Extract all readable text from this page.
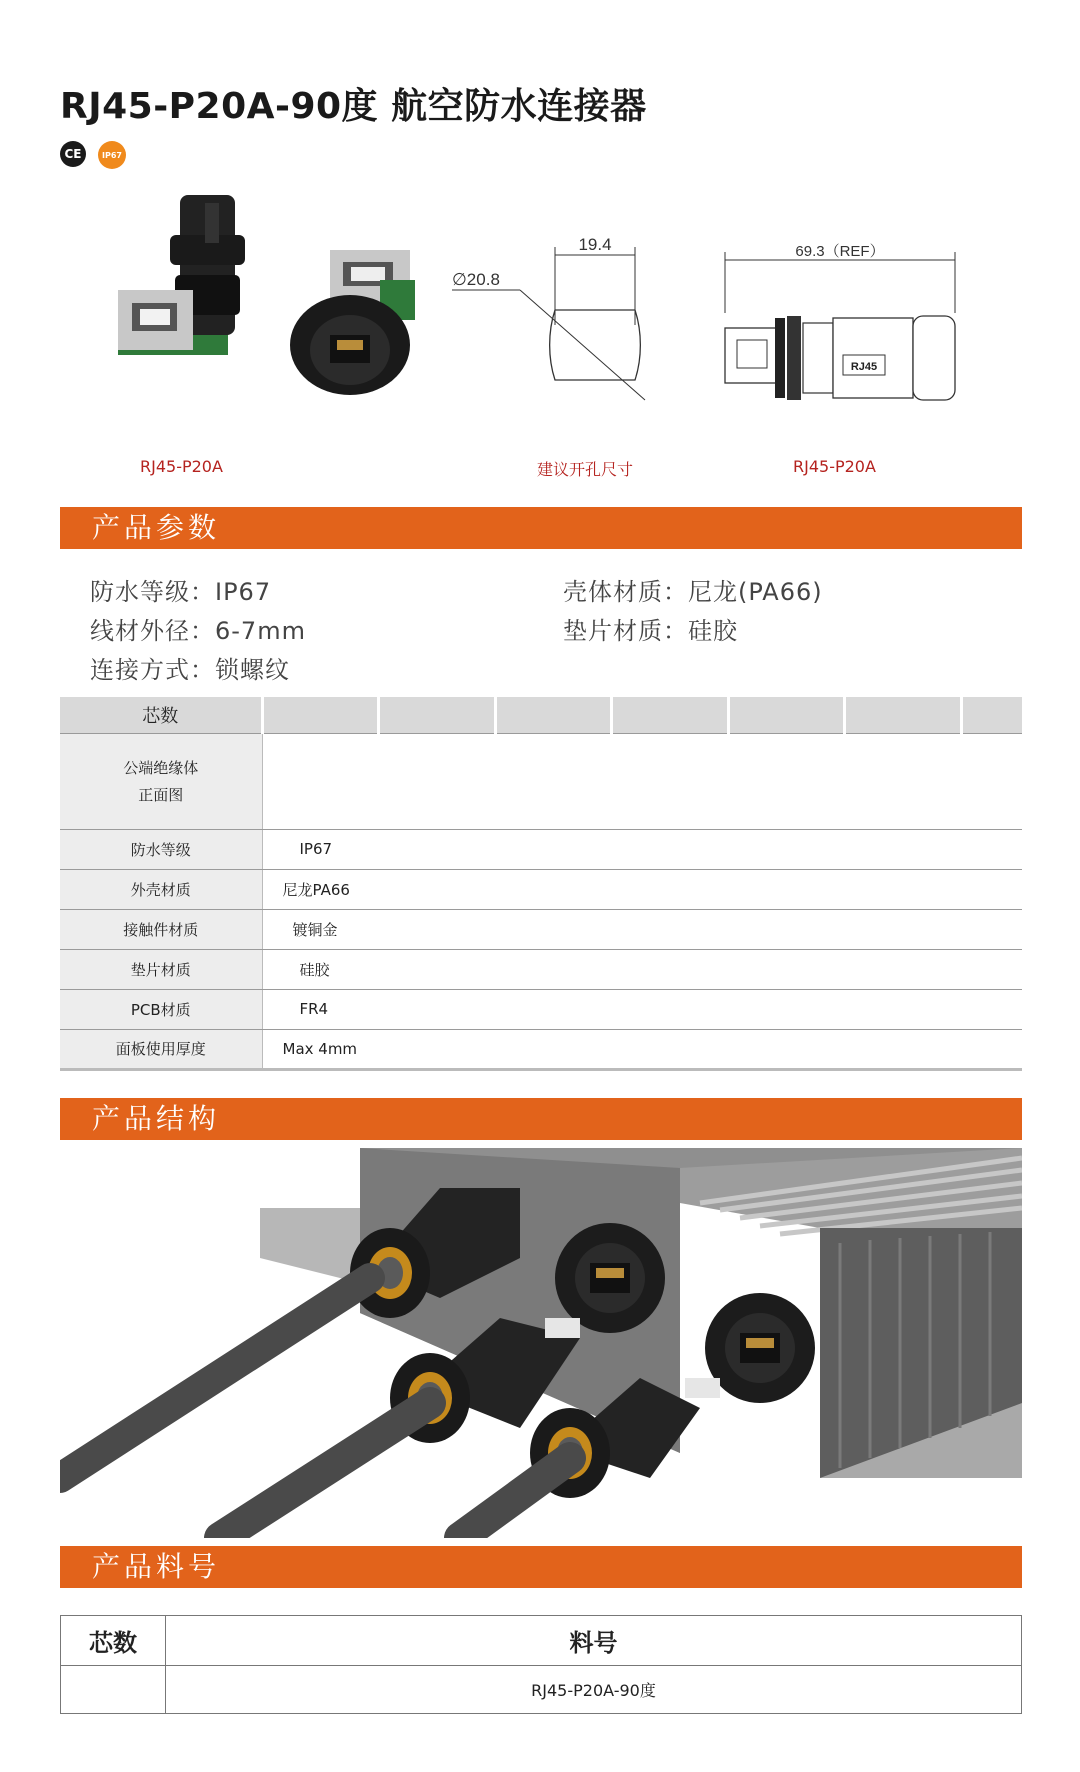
RJ45-P20A-90度 航空防水连接器
CE	IP67
19.4
∅20.8
69.3（REF）
RJ45
RJ45-P20A	建议开孔尺寸	RJ45-P20A
产品参数
防水等级：IP67	壳体材质：尼龙(PA66)
线材外径：6-7mm	垫片材质：硅胶
连接方式：锁螺纹
芯数							

公端绝缘体
正面图							

防水等级	IP67						
外壳材质	尼龙PA66						
接触件材质	镀铜金						
垫片材质	硅胶						
PCB材质	FR4						
面板使用厚度	Max 4mm						
产品结构
产品料号
芯数	料号
	RJ45-P20A-90度
